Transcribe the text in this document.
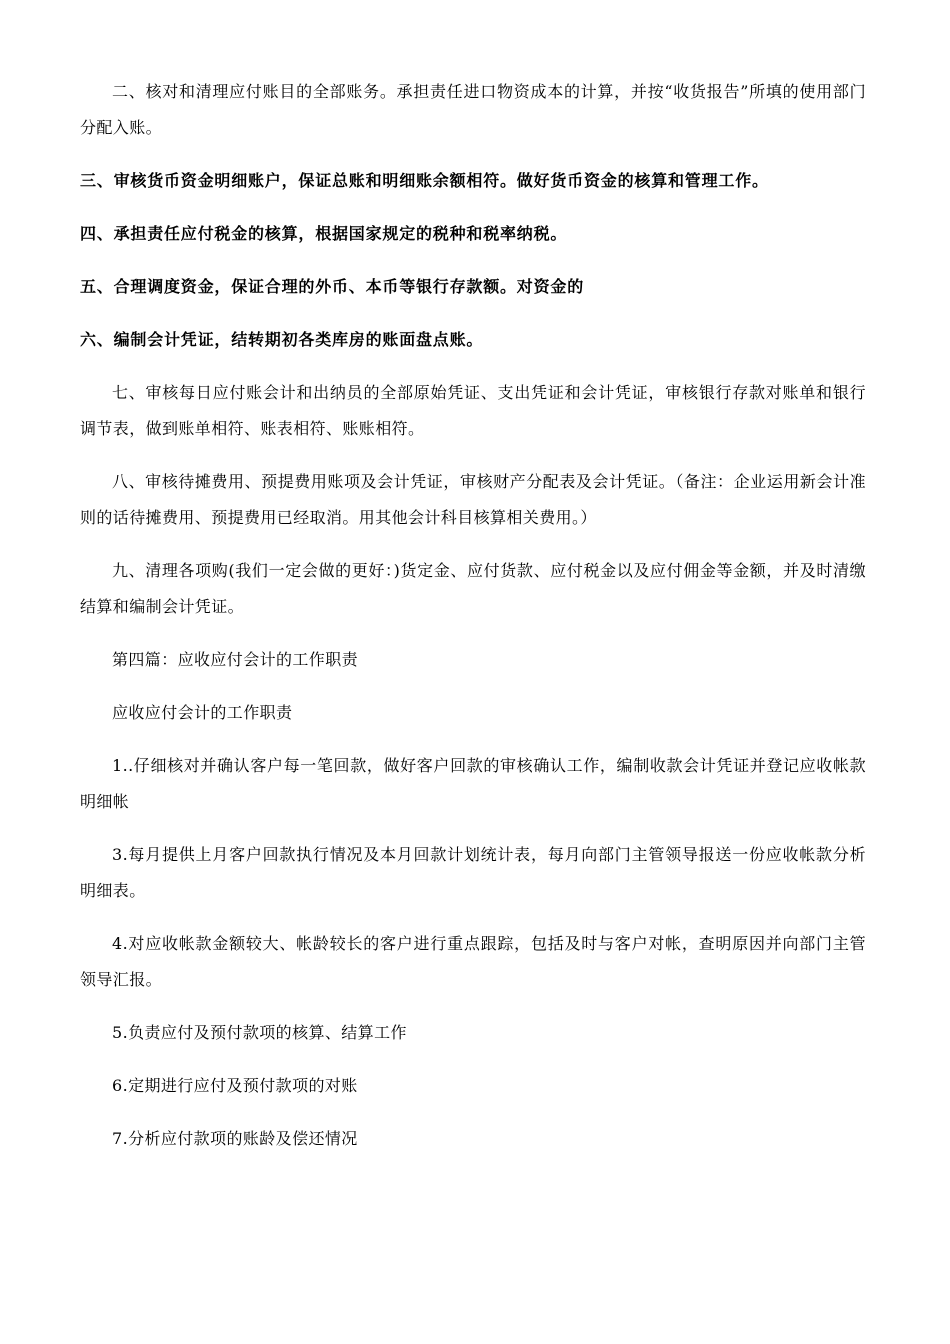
二、核对和清理应付账目的全部账务。承担责任进口物资成本的计算，并按“收货报告”所填的使用部门分配入账。

三、审核货币资金明细账户，保证总账和明细账余额相符。做好货币资金的核算和管理工作。

四、承担责任应付税金的核算，根据国家规定的税种和税率纳税。

五、合理调度资金，保证合理的外币、本币等银行存款额。对资金的

六、编制会计凭证，结转期初各类库房的账面盘点账。

七、审核每日应付账会计和出纳员的全部原始凭证、支出凭证和会计凭证，审核银行存款对账单和银行调节表，做到账单相符、账表相符、账账相符。

八、审核待摊费用、预提费用账项及会计凭证，审核财产分配表及会计凭证。（备注：企业运用新会计准则的话待摊费用、预提费用已经取消。用其他会计科目核算相关费用。）

九、清理各项购(我们一定会做的更好：)货定金、应付货款、应付税金以及应付佣金等金额，并及时清缴结算和编制会计凭证。

第四篇：应收应付会计的工作职责

应收应付会计的工作职责

1..仔细核对并确认客户每一笔回款，做好客户回款的审核确认工作，编制收款会计凭证并登记应收帐款明细帐

3.每月提供上月客户回款执行情况及本月回款计划统计表，每月向部门主管领导报送一份应收帐款分析明细表。

4.对应收帐款金额较大、帐龄较长的客户进行重点跟踪，包括及时与客户对帐，查明原因并向部门主管领导汇报。

5.负责应付及预付款项的核算、结算工作

6.定期进行应付及预付款项的对账

7.分析应付款项的账龄及偿还情况
